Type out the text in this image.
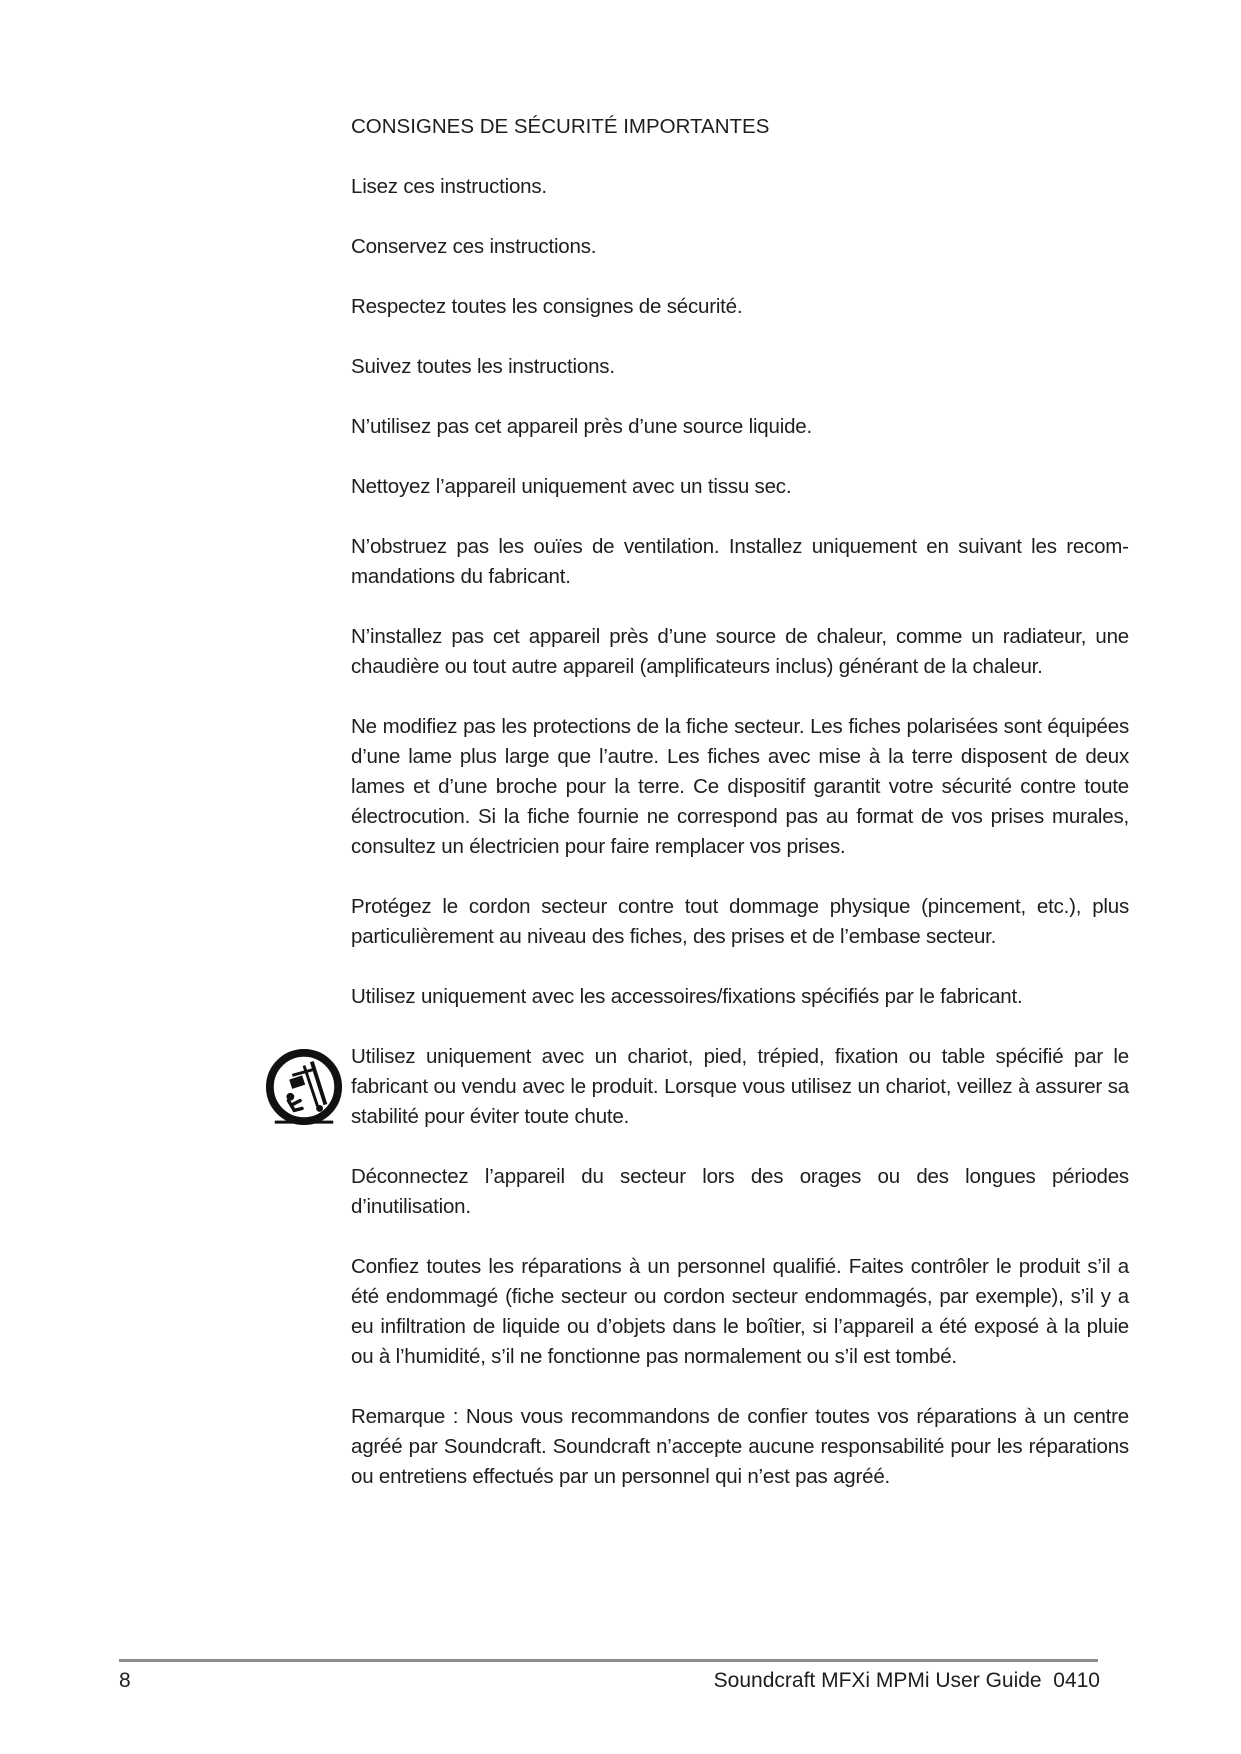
CONSIGNES DE SÉCURITÉ IMPORTANTES

Lisez ces instructions.

Conservez ces instructions.

Respectez toutes les consignes de sécurité.

Suivez toutes les instructions.

N’utilisez pas cet appareil près d’une source liquide.

Nettoyez l’appareil uniquement avec un tissu sec.

N’obstruez pas les ouïes de ventilation. Installez uniquement en suivant les recommandations du fabricant.

N’installez pas cet appareil près d’une source de chaleur, comme un radiateur, une chaudière ou tout autre appareil (amplificateurs inclus) générant de la chaleur.

Ne modifiez pas les protections de la fiche secteur. Les fiches polarisées sont équipées d’une lame plus large que l’autre. Les fiches avec mise à la terre disposent de deux lames et d’une broche pour la terre. Ce dispositif garantit votre sécurité contre toute électrocution. Si la fiche fournie ne correspond pas au format de vos prises murales, consultez un électricien pour faire remplacer vos prises.

Protégez le cordon secteur contre tout dommage physique (pincement, etc.), plus particulièrement au niveau des fiches, des prises et de l’embase secteur.

Utilisez uniquement avec les accessoires/fixations spécifiés par le fabricant.

Utilisez uniquement avec un chariot, pied, trépied, fixation ou table spécifié par le fabricant ou vendu avec le produit. Lorsque vous utilisez un chariot, veillez à assurer sa stabilité pour éviter toute chute.

Déconnectez l’appareil du secteur lors des orages ou des longues périodes d’inutilisation.

Confiez toutes les réparations à un personnel qualifié. Faites contrôler le produit s’il a été endommagé (fiche secteur ou cordon secteur endommagés, par exemple), s’il y a eu infiltration de liquide ou d’objets dans le boîtier, si l’appareil a été exposé à la pluie ou à l’humidité, s’il ne fonctionne pas normalement ou s’il est tombé.

Remarque : Nous vous recommandons de confier toutes vos réparations à un centre agréé par Soundcraft. Soundcraft n’accepte aucune responsabilité pour les réparations ou entretiens effectués par un personnel qui n’est pas agréé.

8	Soundcraft MFXi MPMi User Guide  0410
